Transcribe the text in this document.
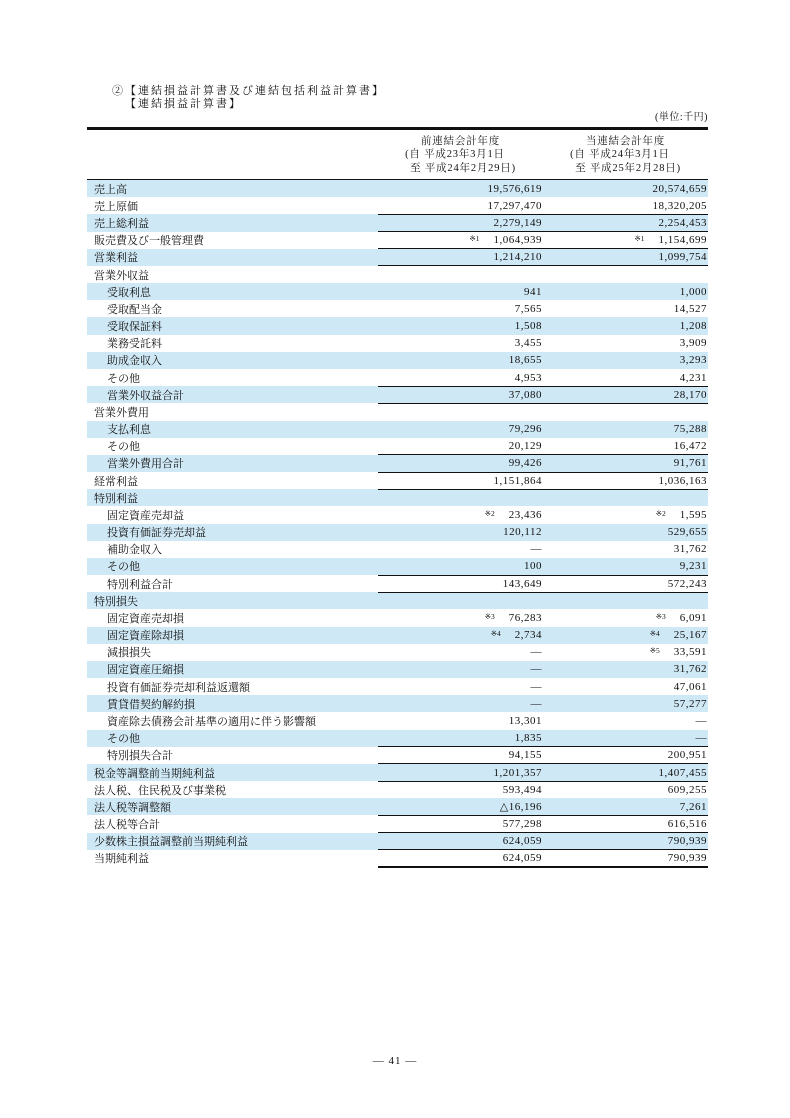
②【連結損益計算書及び連結包括利益計算書】
【連結損益計算書】
(単位:千円)
前連結会計年度
(自 平成23年3月1日
至 平成24年2月29日)
当連結会計年度
(自 平成24年3月1日
至 平成25年2月28日)
売上高	19,576,619	20,574,659
売上原価	17,297,470	18,320,205
売上総利益	2,279,149	2,254,453
販売費及び一般管理費	※1 1,064,939	※1 1,154,699
営業利益	1,214,210	1,099,754
営業外収益
受取利息	941	1,000
受取配当金	7,565	14,527
受取保証料	1,508	1,208
業務受託料	3,455	3,909
助成金収入	18,655	3,293
その他	4,953	4,231
営業外収益合計	37,080	28,170
営業外費用
支払利息	79,296	75,288
その他	20,129	16,472
営業外費用合計	99,426	91,761
経常利益	1,151,864	1,036,163
特別利益
固定資産売却益	※2 23,436	※2 1,595
投資有価証券売却益	120,112	529,655
補助金収入	—	31,762
その他	100	9,231
特別利益合計	143,649	572,243
特別損失
固定資産売却損	※3 76,283	※3 6,091
固定資産除却損	※4 2,734	※4 25,167
減損損失	—	※5 33,591
固定資産圧縮損	—	31,762
投資有価証券売却利益返還額	—	47,061
賃貸借契約解約損	—	57,277
資産除去債務会計基準の適用に伴う影響額	13,301	—
その他	1,835	—
特別損失合計	94,155	200,951
税金等調整前当期純利益	1,201,357	1,407,455
法人税、住民税及び事業税	593,494	609,255
法人税等調整額	△16,196	7,261
法人税等合計	577,298	616,516
少数株主損益調整前当期純利益	624,059	790,939
当期純利益	624,059	790,939
— 41 —
